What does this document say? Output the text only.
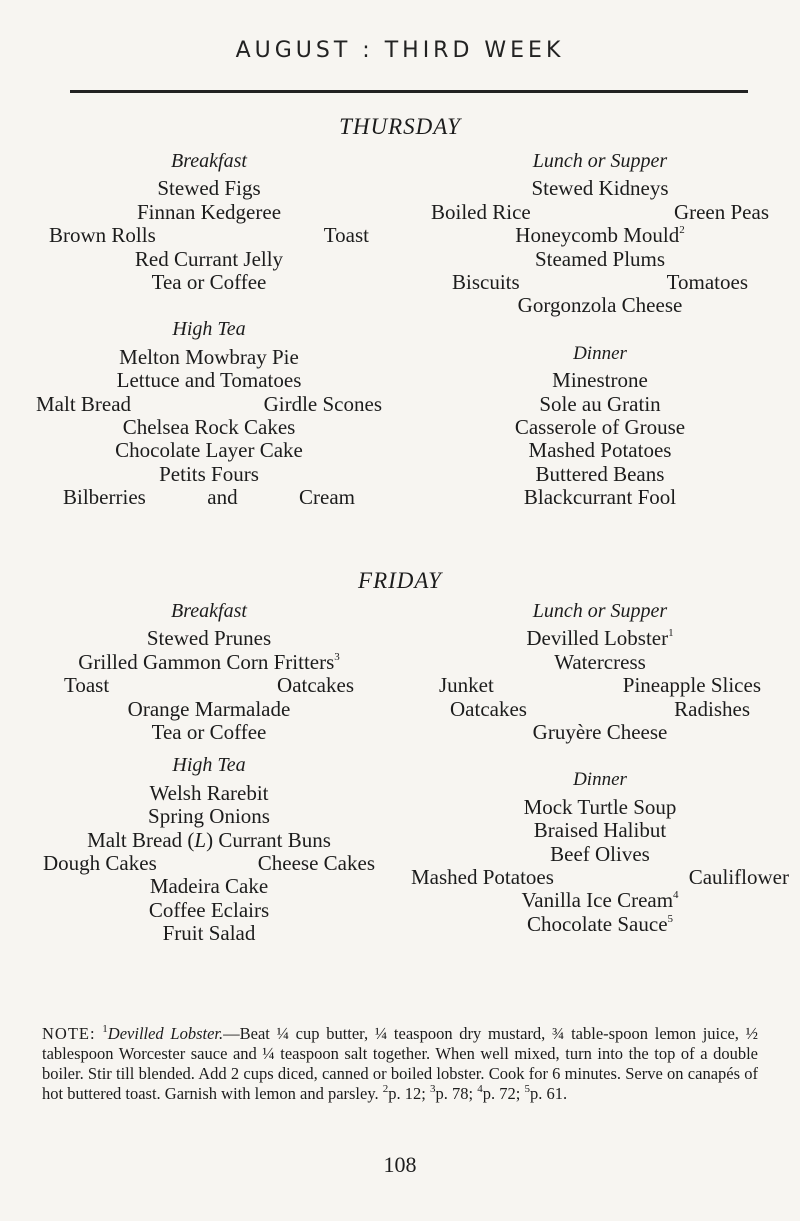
AUGUST : THIRD WEEK
THURSDAY
Breakfast
Stewed Figs
Finnan Kedgeree
Brown Rolls	Toast
Red Currant Jelly
Tea or Coffee
High Tea
Melton Mowbray Pie
Lettuce and Tomatoes
Malt Bread	Girdle Scones
Chelsea Rock Cakes
Chocolate Layer Cake
Petits Fours
Bilberries	and	Cream
Lunch or Supper
Stewed Kidneys
Boiled Rice	Green Peas
Honeycomb Mould$^2$
Steamed Plums
Biscuits	Tomatoes
Gorgonzola Cheese
Dinner
Minestrone
Sole au Gratin
Casserole of Grouse
Mashed Potatoes
Buttered Beans
Blackcurrant Fool
FRIDAY
Breakfast
Stewed Prunes
Grilled Gammon Corn Fritters$^3$
Toast	Oatcakes
Orange Marmalade
Tea or Coffee
High Tea
Welsh Rarebit
Spring Onions
Malt Bread (L) Currant Buns
Dough Cakes	Cheese Cakes
Madeira Cake
Coffee Eclairs
Fruit Salad
Lunch or Supper
Devilled Lobster$^1$
Watercress
Junket	Pineapple Slices
Oatcakes	Radishes
Gruyère Cheese
Dinner
Mock Turtle Soup
Braised Halibut
Beef Olives
Mashed Potatoes	Cauliflower
Vanilla Ice Cream$^4$
Chocolate Sauce$^5$
NOTE: $^1$Devilled Lobster.—Beat ¼ cup butter, ¼ teaspoon dry mustard, ¾ table-spoon lemon juice, ½ tablespoon Worcester sauce and ¼ teaspoon salt together. When well mixed, turn into the top of a double boiler. Stir till blended. Add 2 cups diced, canned or boiled lobster. Cook for 6 minutes. Serve on canapés of hot buttered toast. Garnish with lemon and parsley. $^2$p. 12; $^3$p. 78; $^4$p. 72; $^5$p. 61.
108
